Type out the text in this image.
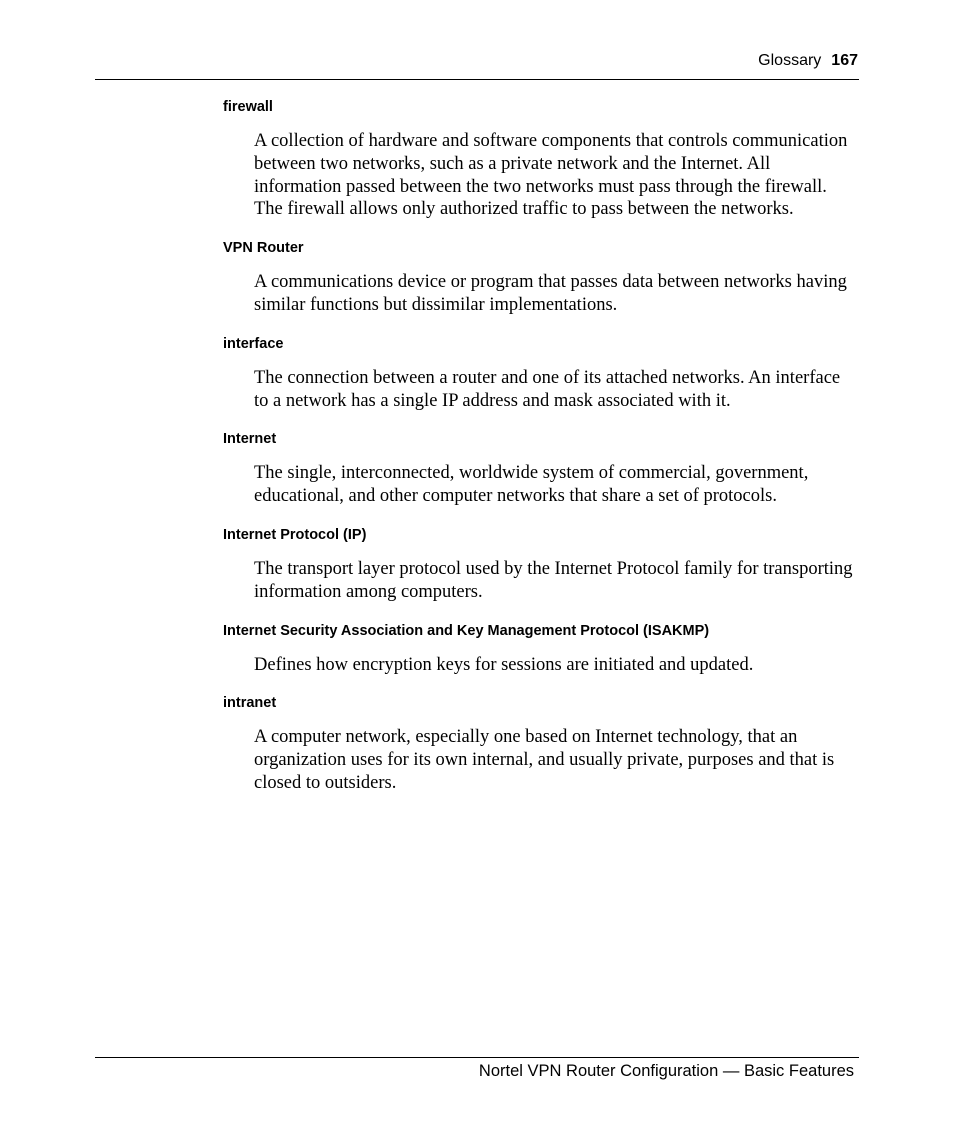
Glossary 167

firewall

A collection of hardware and software components that controls communication between two networks, such as a private network and the Internet. All information passed between the two networks must pass through the firewall. The firewall allows only authorized traffic to pass between the networks.

VPN Router

A communications device or program that passes data between networks having similar functions but dissimilar implementations.

interface

The connection between a router and one of its attached networks. An interface to a network has a single IP address and mask associated with it.

Internet

The single, interconnected, worldwide system of commercial, government, educational, and other computer networks that share a set of protocols.

Internet Protocol (IP)

The transport layer protocol used by the Internet Protocol family for transporting information among computers.

Internet Security Association and Key Management Protocol (ISAKMP)

Defines how encryption keys for sessions are initiated and updated.

intranet

A computer network, especially one based on Internet technology, that an organization uses for its own internal, and usually private, purposes and that is closed to outsiders.

Nortel VPN Router Configuration — Basic Features
